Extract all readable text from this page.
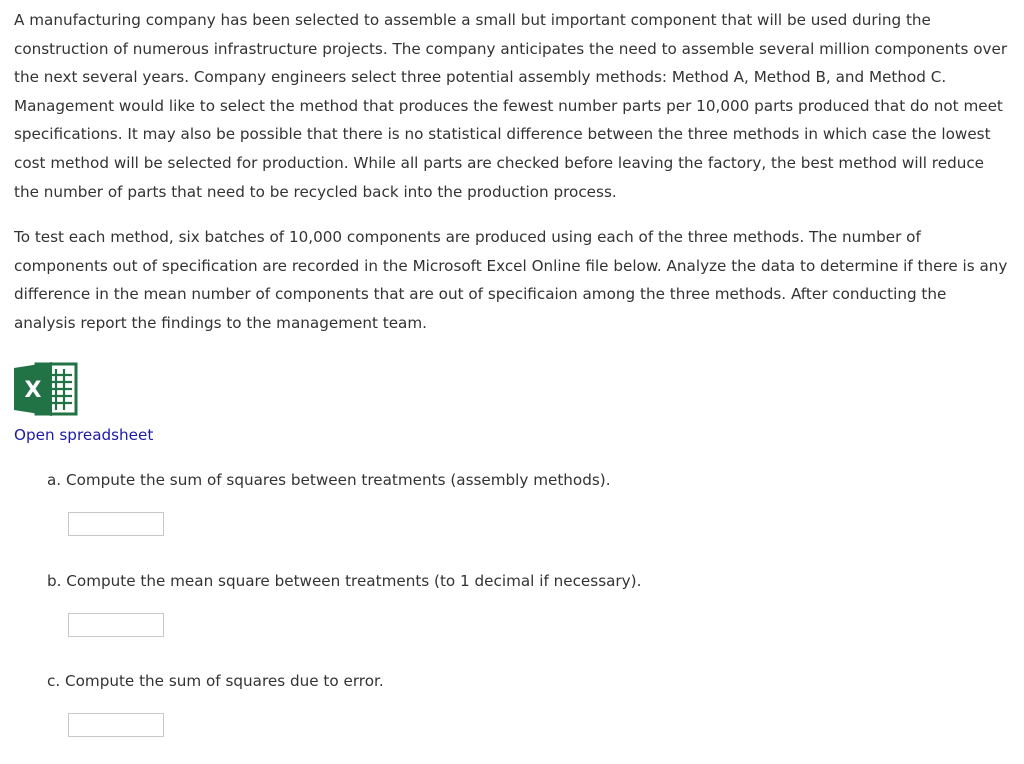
A manufacturing company has been selected to assemble a small but important component that will be used during the construction of numerous infrastructure projects. The company anticipates the need to assemble several million components over the next several years. Company engineers select three potential assembly methods: Method A, Method B, and Method C. Management would like to select the method that produces the fewest number parts per 10,000 parts produced that do not meet specifications. It may also be possible that there is no statistical difference between the three methods in which case the lowest cost method will be selected for production. While all parts are checked before leaving the factory, the best method will reduce the number of parts that need to be recycled back into the production process.

To test each method, six batches of 10,000 components are produced using each of the three methods. The number of components out of specification are recorded in the Microsoft Excel Online file below. Analyze the data to determine if there is any difference in the mean number of components that are out of specificaion among the three methods. After conducting the analysis report the findings to the management team.

X
Open spreadsheet

a. Compute the sum of squares between treatments (assembly methods).

b. Compute the mean square between treatments (to 1 decimal if necessary).

c. Compute the sum of squares due to error.
